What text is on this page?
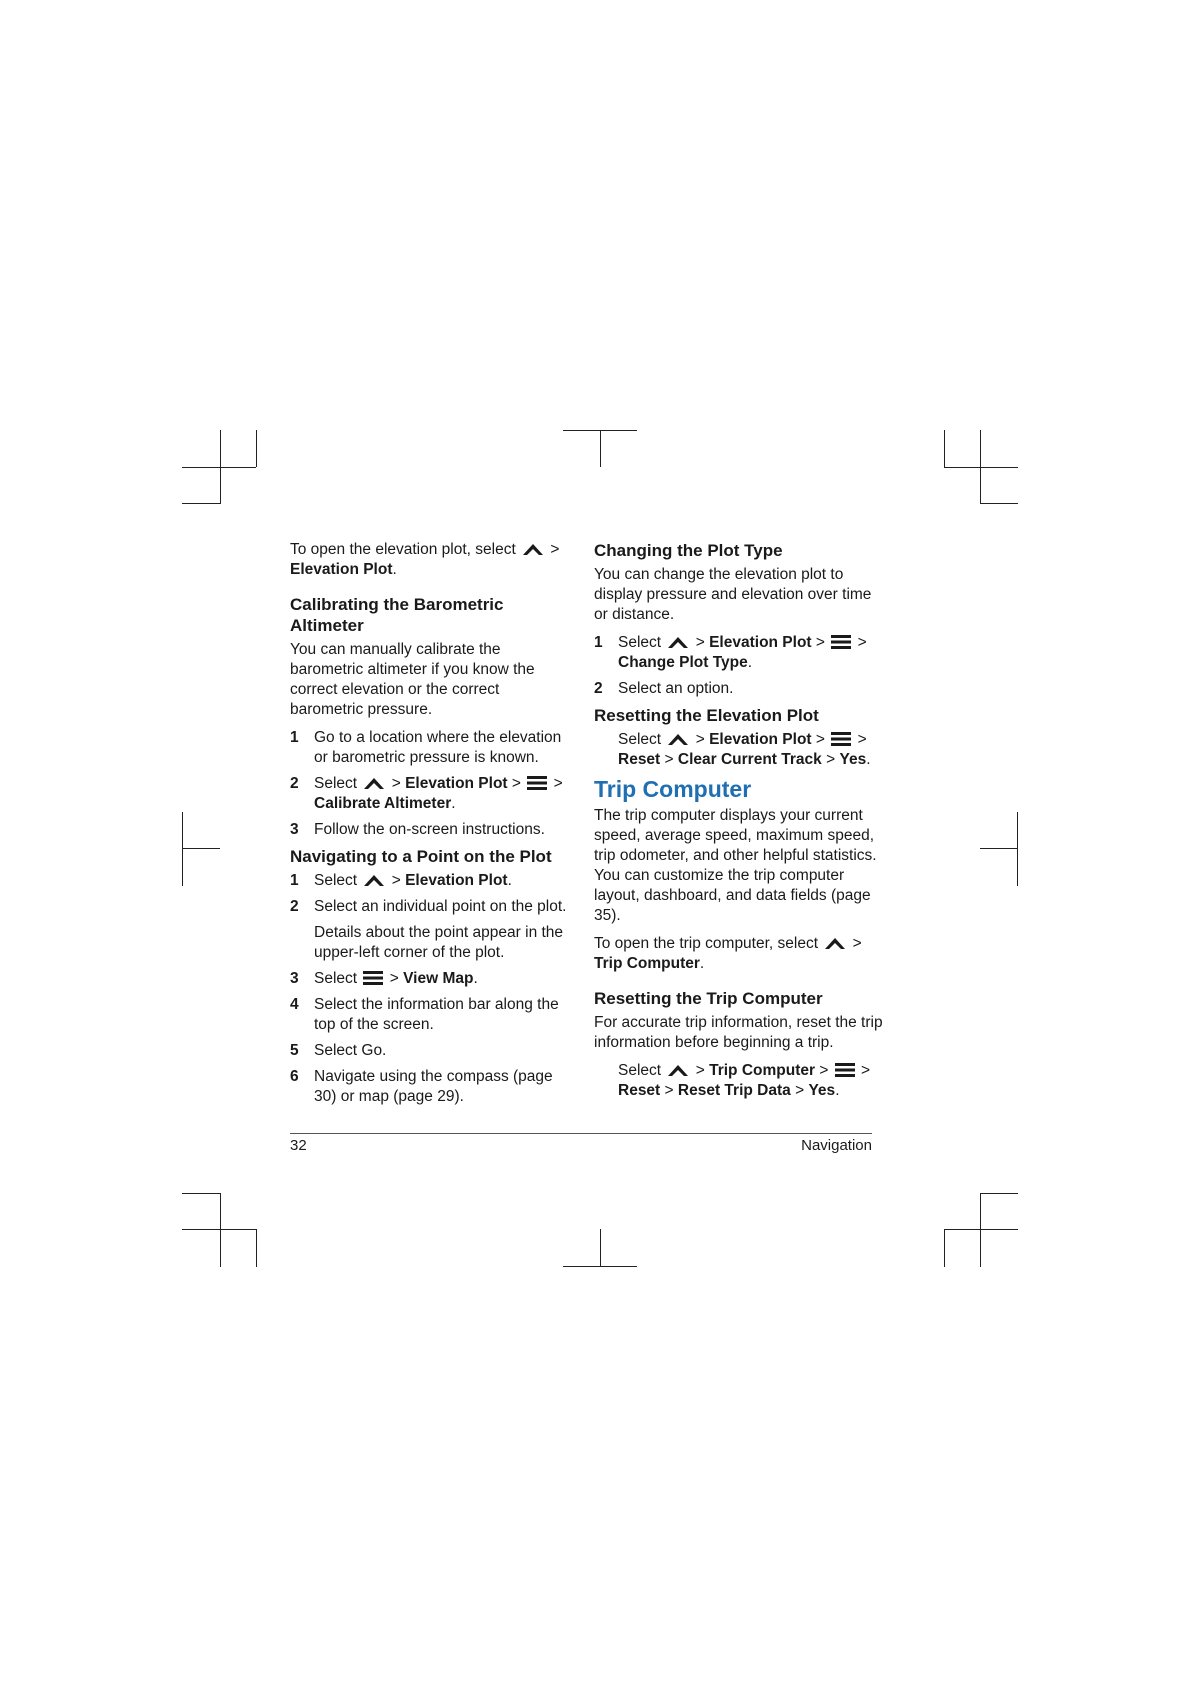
To open the elevation plot, select > Elevation Plot.

Calibrating the Barometric Altimeter

You can manually calibrate the barometric altimeter if you know the correct elevation or the correct barometric pressure.

1 Go to a location where the elevation or barometric pressure is known.
2 Select > Elevation Plot > > Calibrate Altimeter.
3 Follow the on-screen instructions.
Navigating to a Point on the Plot
1 Select > Elevation Plot.
2 Select an individual point on the plot.

Details about the point appear in the upper-left corner of the plot.

3 Select > View Map.
4 Select the information bar along the top of the screen.
5 Select Go.
6 Navigate using the compass (page 30) or map (page 29).
Changing the Plot Type

You can change the elevation plot to display pressure and elevation over time or distance.

1 Select > Elevation Plot > > Change Plot Type.
2 Select an option.
Resetting the Elevation Plot

Select > Elevation Plot > > Reset > Clear Current Track > Yes.

Trip Computer

The trip computer displays your current speed, average speed, maximum speed, trip odometer, and other helpful statistics. You can customize the trip computer layout, dashboard, and data fields (page 35).

To open the trip computer, select > Trip Computer.

Resetting the Trip Computer

For accurate trip information, reset the trip information before beginning a trip.

Select > Trip Computer > > Reset > Reset Trip Data > Yes.

32	Navigation
